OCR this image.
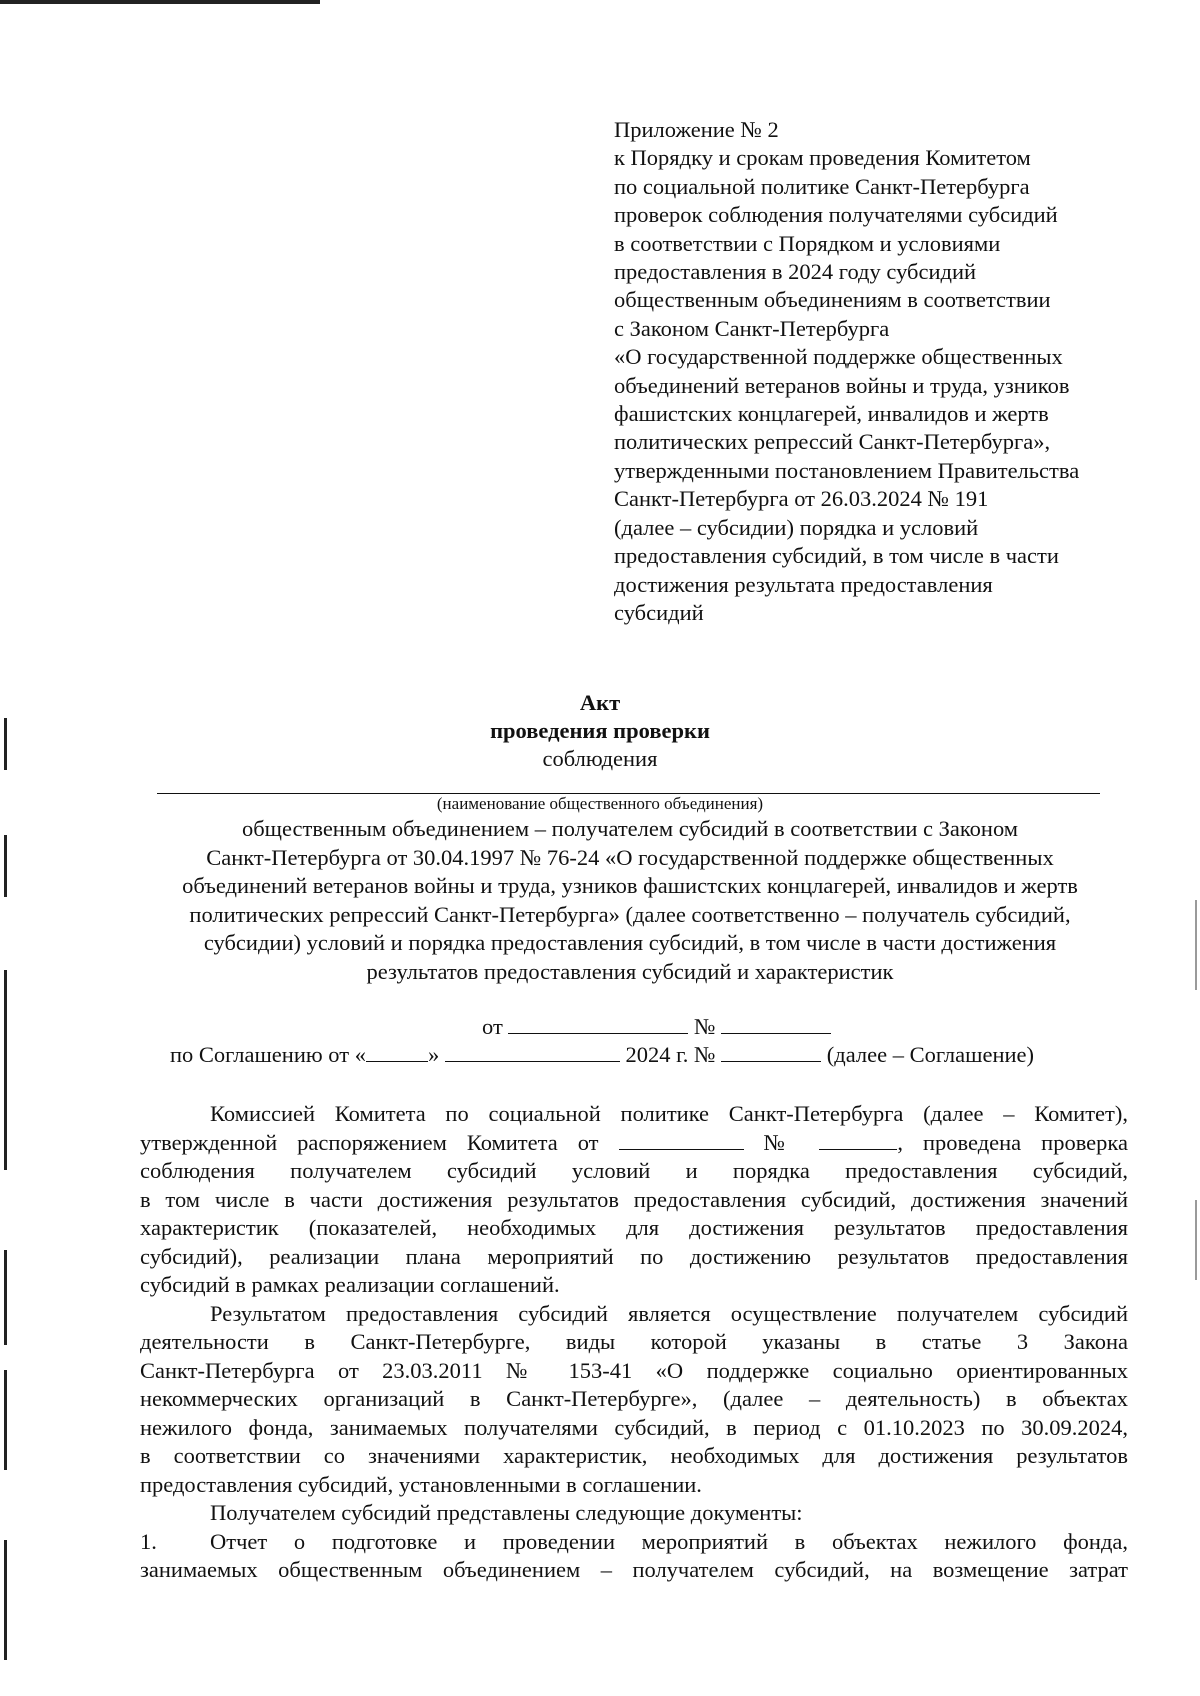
Приложение № 2
к Порядку и срокам проведения Комитетом
по социальной политике Санкт-Петербурга
проверок соблюдения получателями субсидий
в соответствии с Порядком и условиями
предоставления в 2024 году субсидий
общественным объединениям в соответствии
с Законом Санкт-Петербурга
«О государственной поддержке общественных
объединений ветеранов войны и труда, узников
фашистских концлагерей, инвалидов и жертв
политических репрессий Санкт-Петербурга»,
утвержденными постановлением Правительства
Санкт-Петербурга от 26.03.2024 № 191
(далее – субсидии) порядка и условий
предоставления субсидий, в том числе в части
достижения результата предоставления
субсидий
Акт
проведения проверки
соблюдения
(наименование общественного объединения)
общественным объединением – получателем субсидий в соответствии с Законом
Санкт-Петербурга от 30.04.1997 № 76-24 «О государственной поддержке общественных
объединений ветеранов войны и труда, узников фашистских концлагерей, инвалидов и жертв
политических репрессий Санкт-Петербурга» (далее соответственно – получатель субсидий,
субсидии) условий и порядка предоставления субсидий, в том числе в части достижения
результатов предоставления субсидий и характеристик
от	№
по Соглашению от «	»	2024 г. №	(далее – Соглашение)
Комиссией Комитета по социальной политике Санкт-Петербурга (далее – Комитет),
утвержденной распоряжением Комитета от	№	, проведена проверка
соблюдения получателем субсидий условий и порядка предоставления субсидий,
в том числе в части достижения результатов предоставления субсидий, достижения значений
характеристик (показателей, необходимых для достижения результатов предоставления
субсидий), реализации плана мероприятий по достижению результатов предоставления
субсидий в рамках реализации соглашений.
Результатом предоставления субсидий является осуществление получателем субсидий
деятельности в Санкт-Петербурге, виды которой указаны в статье 3 Закона
Санкт-Петербурга от 23.03.2011 № 153-41 «О поддержке социально ориентированных
некоммерческих организаций в Санкт-Петербурге», (далее – деятельность) в объектах
нежилого фонда, занимаемых получателями субсидий, в период с 01.10.2023 по 30.09.2024,
в соответствии со значениями характеристик, необходимых для достижения результатов
предоставления субсидий, установленными в соглашении.
Получателем субсидий представлены следующие документы:
1. Отчет о подготовке и проведении мероприятий в объектах нежилого фонда,
занимаемых общественным объединением – получателем субсидий, на возмещение затрат
